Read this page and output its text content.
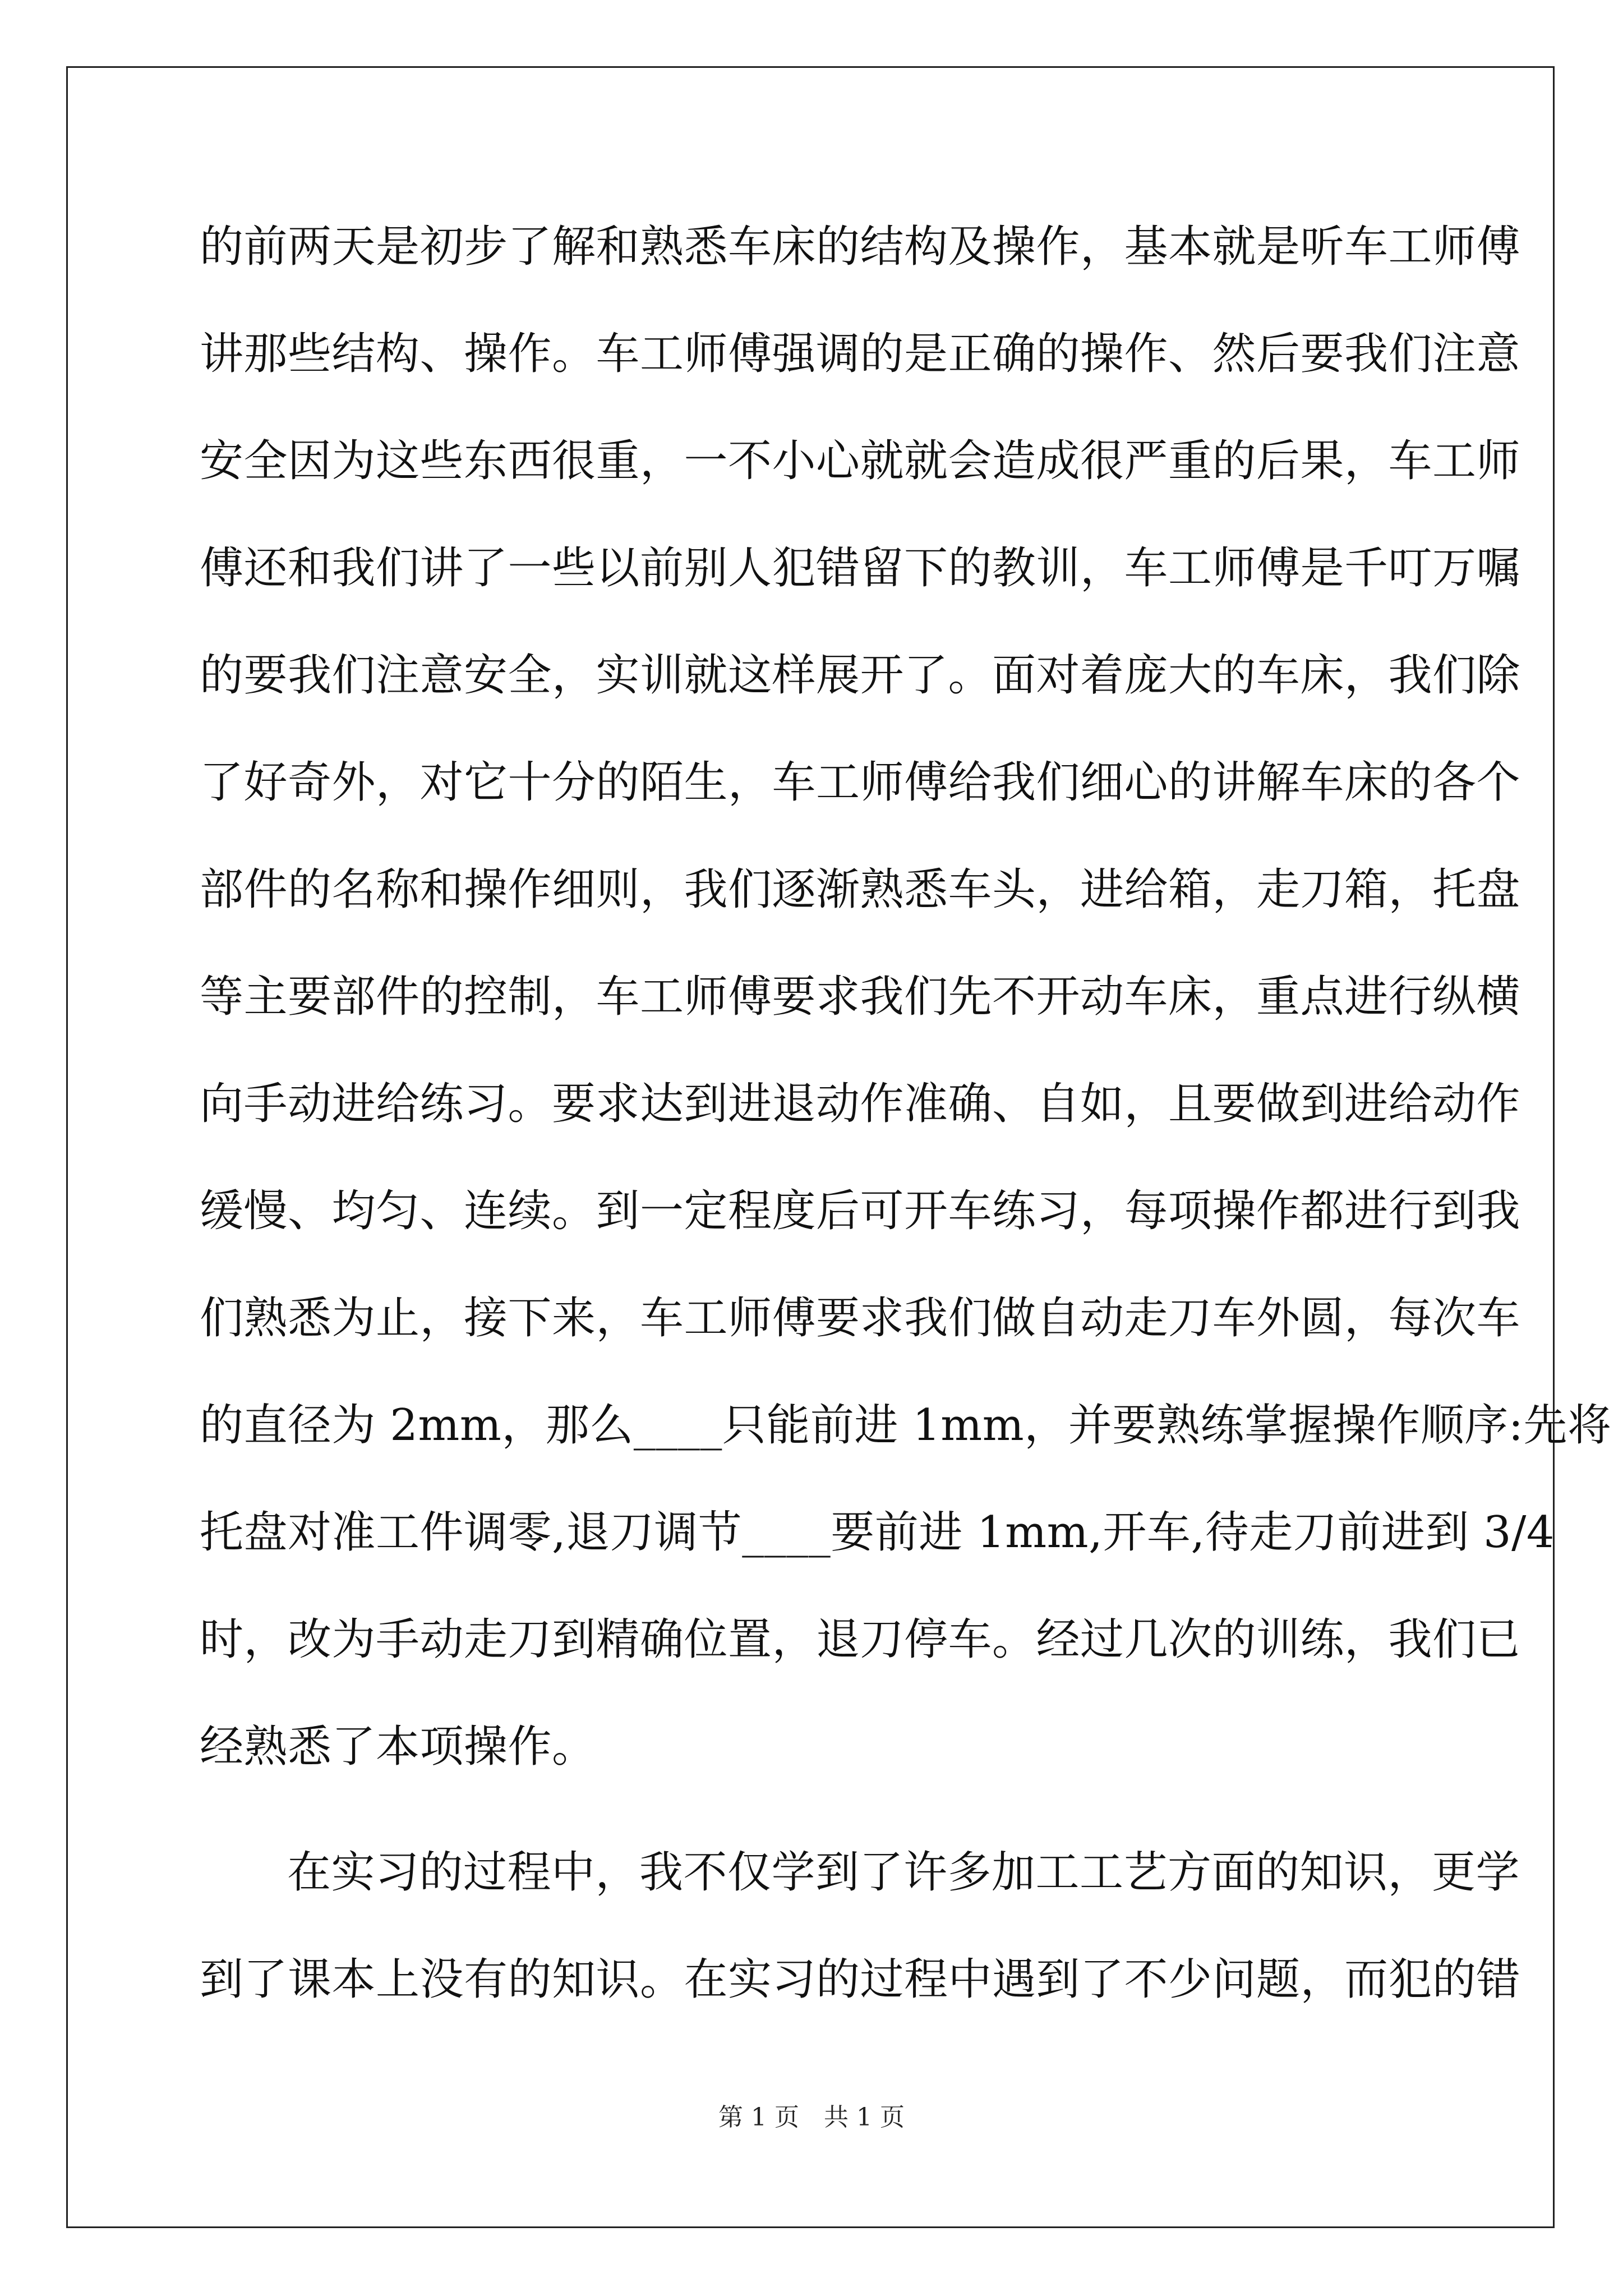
的前两天是初步了解和熟悉车床的结构及操作，基本就是听车工师傅
讲那些结构、操作。车工师傅强调的是正确的操作、然后要我们注意
安全因为这些东西很重，一不小心就就会造成很严重的后果，车工师
傅还和我们讲了一些以前别人犯错留下的教训，车工师傅是千叮万嘱
的要我们注意安全，实训就这样展开了。面对着庞大的车床，我们除
了好奇外，对它十分的陌生，车工师傅给我们细心的讲解车床的各个
部件的名称和操作细则，我们逐渐熟悉车头，进给箱，走刀箱，托盘
等主要部件的控制，车工师傅要求我们先不开动车床，重点进行纵横
向手动进给练习。要求达到进退动作准确、自如，且要做到进给动作
缓慢、均匀、连续。到一定程度后可开车练习，每项操作都进行到我
们熟悉为止，接下来，车工师傅要求我们做自动走刀车外圆，每次车
的直径为 2mm，那么____只能前进 1mm，并要熟练掌握操作顺序:先将
托盘对准工件调零,退刀调节____要前进 1mm,开车,待走刀前进到 3/4
时，改为手动走刀到精确位置，退刀停车。经过几次的训练，我们已
经熟悉了本项操作。
在实习的过程中，我不仅学到了许多加工工艺方面的知识，更学
到了课本上没有的知识。在实习的过程中遇到了不少问题，而犯的错
第 1 页 共 1 页
